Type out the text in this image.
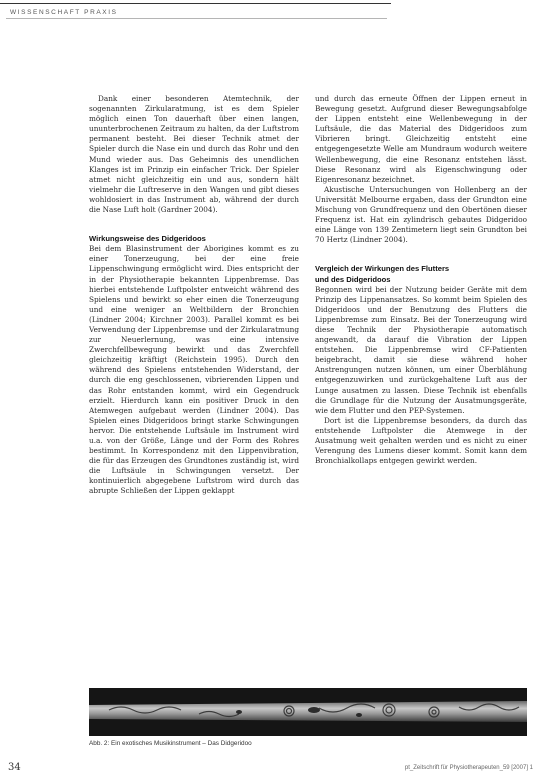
WISSENSCHAFT PRAXIS

Dank einer besonderen Atemtechnik, der sogenannten Zirkularatmung, ist es dem Spieler möglich einen Ton dauerhaft über einen langen, ununterbrochenen Zeitraum zu halten, da der Luftstrom permanent besteht. Bei dieser Technik atmet der Spieler durch die Nase ein und durch das Rohr und den Mund wieder aus. Das Geheimnis des unendlichen Klanges ist im Prinzip ein einfacher Trick. Der Spieler atmet nicht gleichzeitig ein und aus, sondern hält vielmehr die Luftreserve in den Wangen und gibt dieses wohldosiert in das Instrument ab, während der durch die Nase Luft holt (Gardner 2004).

Wirkungsweise des Didgeridoos

Bei dem Blasinstrument der Aborigines kommt es zu einer Tonerzeugung, bei der eine freie Lippenschwingung ermöglicht wird. Dies entspricht der in der Physiotherapie bekannten Lippenbremse. Das hierbei entstehende Luftpolster entweicht während des Spielens und bewirkt so eher einen die Tonerzeugung und eine weniger an Weltbildern der Bronchien (Lindner 2004; Kirchner 2003). Parallel kommt es bei Verwendung der Lippenbremse und der Zirkularatmung zur Neuerlernung, was eine intensive Zwerchfellbewegung bewirkt und das Zwerchfell gleichzeitig kräftigt (Reichstein 1995). Durch den während des Spielens entstehenden Widerstand, der durch die eng geschlossenen, vibrierenden Lippen und das Rohr entstanden kommt, wird ein Gegendruck erzielt. Hierdurch kann ein positiver Druck in den Atemwegen aufgebaut werden (Lindner 2004). Das Spielen eines Didgeridoos bringt starke Schwingungen hervor. Die entstehende Luftsäule im Instrument wird u.a. von der Größe, Länge und der Form des Rohres bestimmt. In Korrespondenz mit den Lippenvibration, die für das Erzeugen des Grundtones zuständig ist, wird die Luftsäule in Schwingungen versetzt. Der kontinuierlich abgegebene Luftstrom wird durch das abrupte Schließen der Lippen geklappt

und durch das erneute Öffnen der Lippen erneut in Bewegung gesetzt. Aufgrund dieser Bewegungsabfolge der Lippen entsteht eine Wellenbewegung in der Luftsäule, die das Material des Didgeridoos zum Vibrieren bringt. Gleichzeitig entsteht eine entgegengesetzte Welle am Mundraum wodurch weitere Wellenbewegung, die eine Resonanz entstehen lässt. Diese Resonanz wird als Eigenschwingung oder Eigenresonanz bezeichnet.

Akustische Untersuchungen von Hollenberg an der Universität Melbourne ergaben, dass der Grundton eine Mischung von Grundfrequenz und den Obertönen dieser Frequenz ist. Hat ein zylindrisch gebautes Didgeridoo eine Länge von 139 Zentimetern liegt sein Grundton bei 70 Hertz (Lindner 2004).

Vergleich der Wirkungen des Flutters
und des Didgeridoos

Begonnen wird bei der Nutzung beider Geräte mit dem Prinzip des Lippenansatzes. So kommt beim Spielen des Didgeridoos und der Benutzung des Flutters die Lippenbremse zum Einsatz. Bei der Tonerzeugung wird diese Technik der Physiotherapie automatisch angewandt, da darauf die Vibration der Lippen entstehen. Die Lippenbremse wird CF-Patienten beigebracht, damit sie diese während hoher Anstrengungen nutzen können, um einer Überblähung entgegenzuwirken und zurückgehaltene Luft aus der Lunge ausatmen zu lassen. Diese Technik ist ebenfalls die Grundlage für die Nutzung der Ausatmungsgeräte, wie dem Flutter und den PEP-Systemen.

Dort ist die Lippenbremse besonders, da durch das entstehende Luftpolster die Atemwege in der Ausatmung weit gehalten werden und es nicht zu einer Verengung des Lumens dieser kommt. Somit kann dem Bronchialkollaps entgegen gewirkt werden.

Abb. 2: Ein exotisches Musikinstrument – Das Didgeridoo
34	pt_Zeitschrift für Physiotherapeuten_59 [2007] 1
